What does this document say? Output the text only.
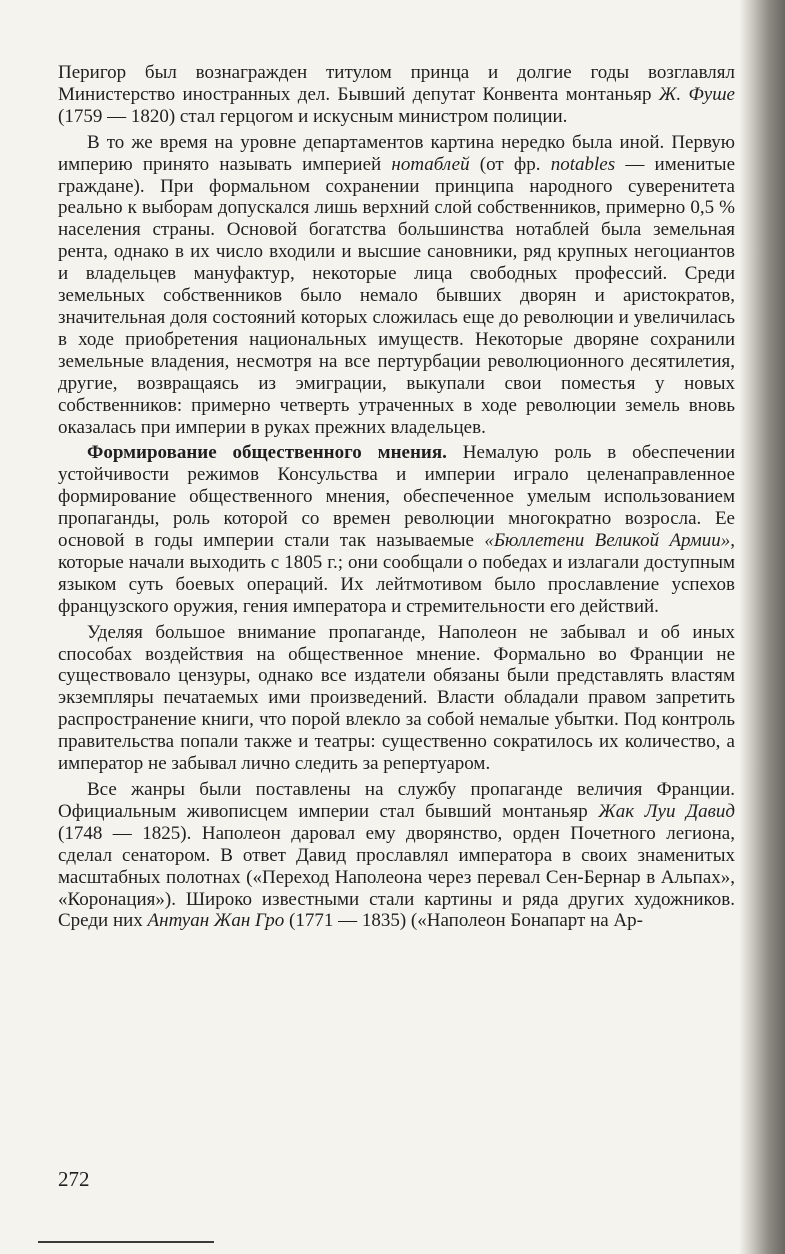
Перигор был вознагражден титулом принца и долгие годы возглавлял Министерство иностранных дел. Бывший депутат Конвента монтаньяр Ж. Фуше (1759 — 1820) стал герцогом и искусным министром полиции.

В то же время на уровне департаментов картина нередко была иной. Первую империю принято называть империей нотаблей (от фр. notables — именитые граждане). При формальном сохранении принципа народного суверенитета реально к выборам допускался лишь верхний слой собственников, примерно 0,5 % населения страны. Основой богатства большинства нотаблей была земельная рента, однако в их число входили и высшие сановники, ряд крупных негоциантов и владельцев мануфактур, некоторые лица свободных профессий. Среди земельных собственников было немало бывших дворян и аристократов, значительная доля состояний которых сложилась еще до революции и увеличилась в ходе приобретения национальных имуществ. Некоторые дворяне сохранили земельные владения, несмотря на все пертурбации революционного десятилетия, другие, возвращаясь из эмиграции, выкупали свои поместья у новых собственников: примерно четверть утраченных в ходе революции земель вновь оказалась при империи в руках прежних владельцев.

Формирование общественного мнения. Немалую роль в обеспечении устойчивости режимов Консульства и империи играло целенаправленное формирование общественного мнения, обеспеченное умелым использованием пропаганды, роль которой со времен революции многократно возросла. Ее основой в годы империи стали так называемые «Бюллетени Великой Армии», которые начали выходить с 1805 г.; они сообщали о победах и излагали доступным языком суть боевых операций. Их лейтмотивом было прославление успехов французского оружия, гения императора и стремительности его действий.

Уделяя большое внимание пропаганде, Наполеон не забывал и об иных способах воздействия на общественное мнение. Формально во Франции не существовало цензуры, однако все издатели обязаны были представлять властям экземпляры печатаемых ими произведений. Власти обладали правом запретить распространение книги, что порой влекло за собой немалые убытки. Под контроль правительства попали также и театры: существенно сократилось их количество, а император не забывал лично следить за репертуаром.

Все жанры были поставлены на службу пропаганде величия Франции. Официальным живописцем империи стал бывший монтаньяр Жак Луи Давид (1748 — 1825). Наполеон даровал ему дворянство, орден Почетного легиона, сделал сенатором. В ответ Давид прославлял императора в своих знаменитых масштабных полотнах («Переход Наполеона через перевал Сен-Бернар в Альпах», «Коронация»). Широко известными стали картины и ряда других художников. Среди них Антуан Жан Гро (1771 — 1835) («Наполеон Бонапарт на Ар-

272
